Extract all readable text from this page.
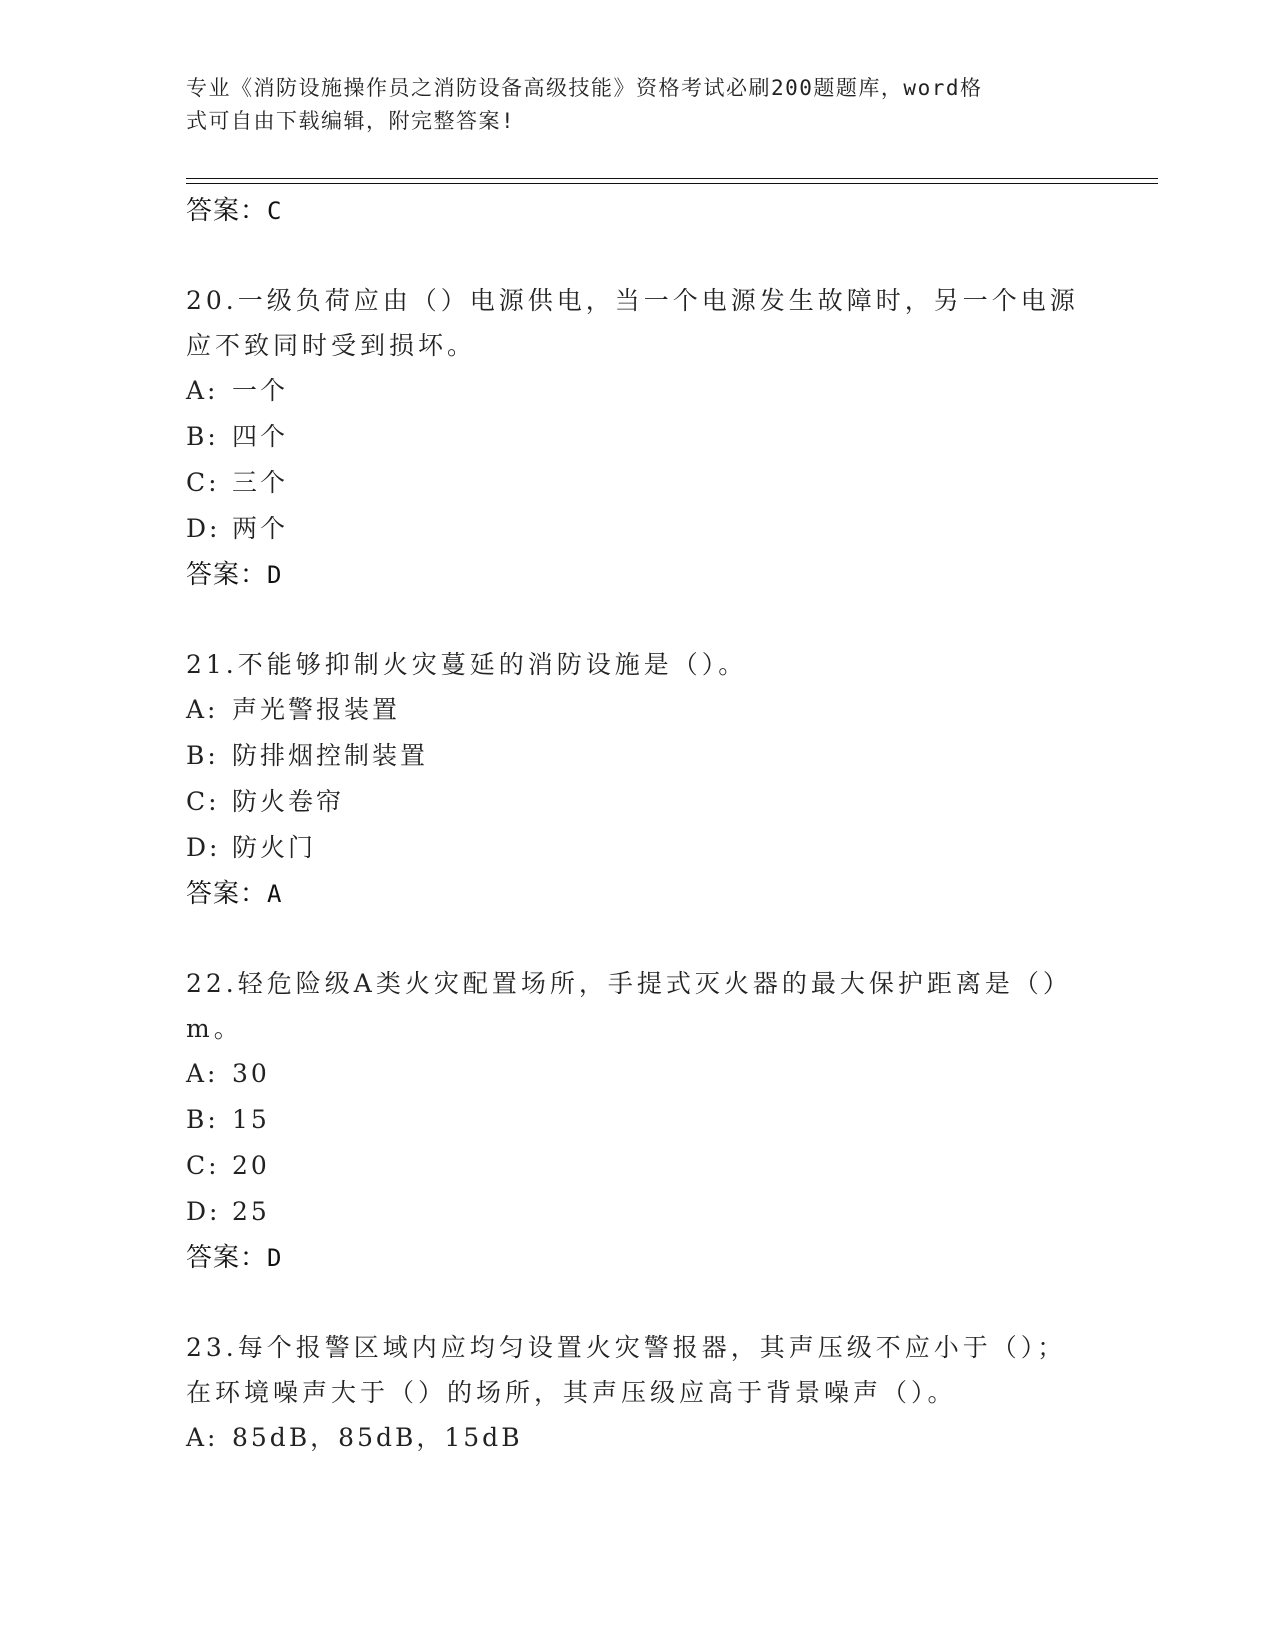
专业《消防设施操作员之消防设备高级技能》资格考试必刷200题题库，word格
式可自由下载编辑，附完整答案!
答案：C
20.一级负荷应由（）电源供电，当一个电源发生故障时，另一个电源
应不致同时受到损坏。
A: 一个
B: 四个
C: 三个
D: 两个
答案：D
21.不能够抑制火灾蔓延的消防设施是（）。
A: 声光警报装置
B: 防排烟控制装置
C: 防火卷帘
D: 防火门
答案：A
22.轻危险级A类火灾配置场所，手提式灭火器的最大保护距离是（）
m。
A: 30
B: 15
C: 20
D: 25
答案：D
23.每个报警区域内应均匀设置火灾警报器，其声压级不应小于（）；
在环境噪声大于（）的场所，其声压级应高于背景噪声（）。
A: 85dB，85dB，15dB
